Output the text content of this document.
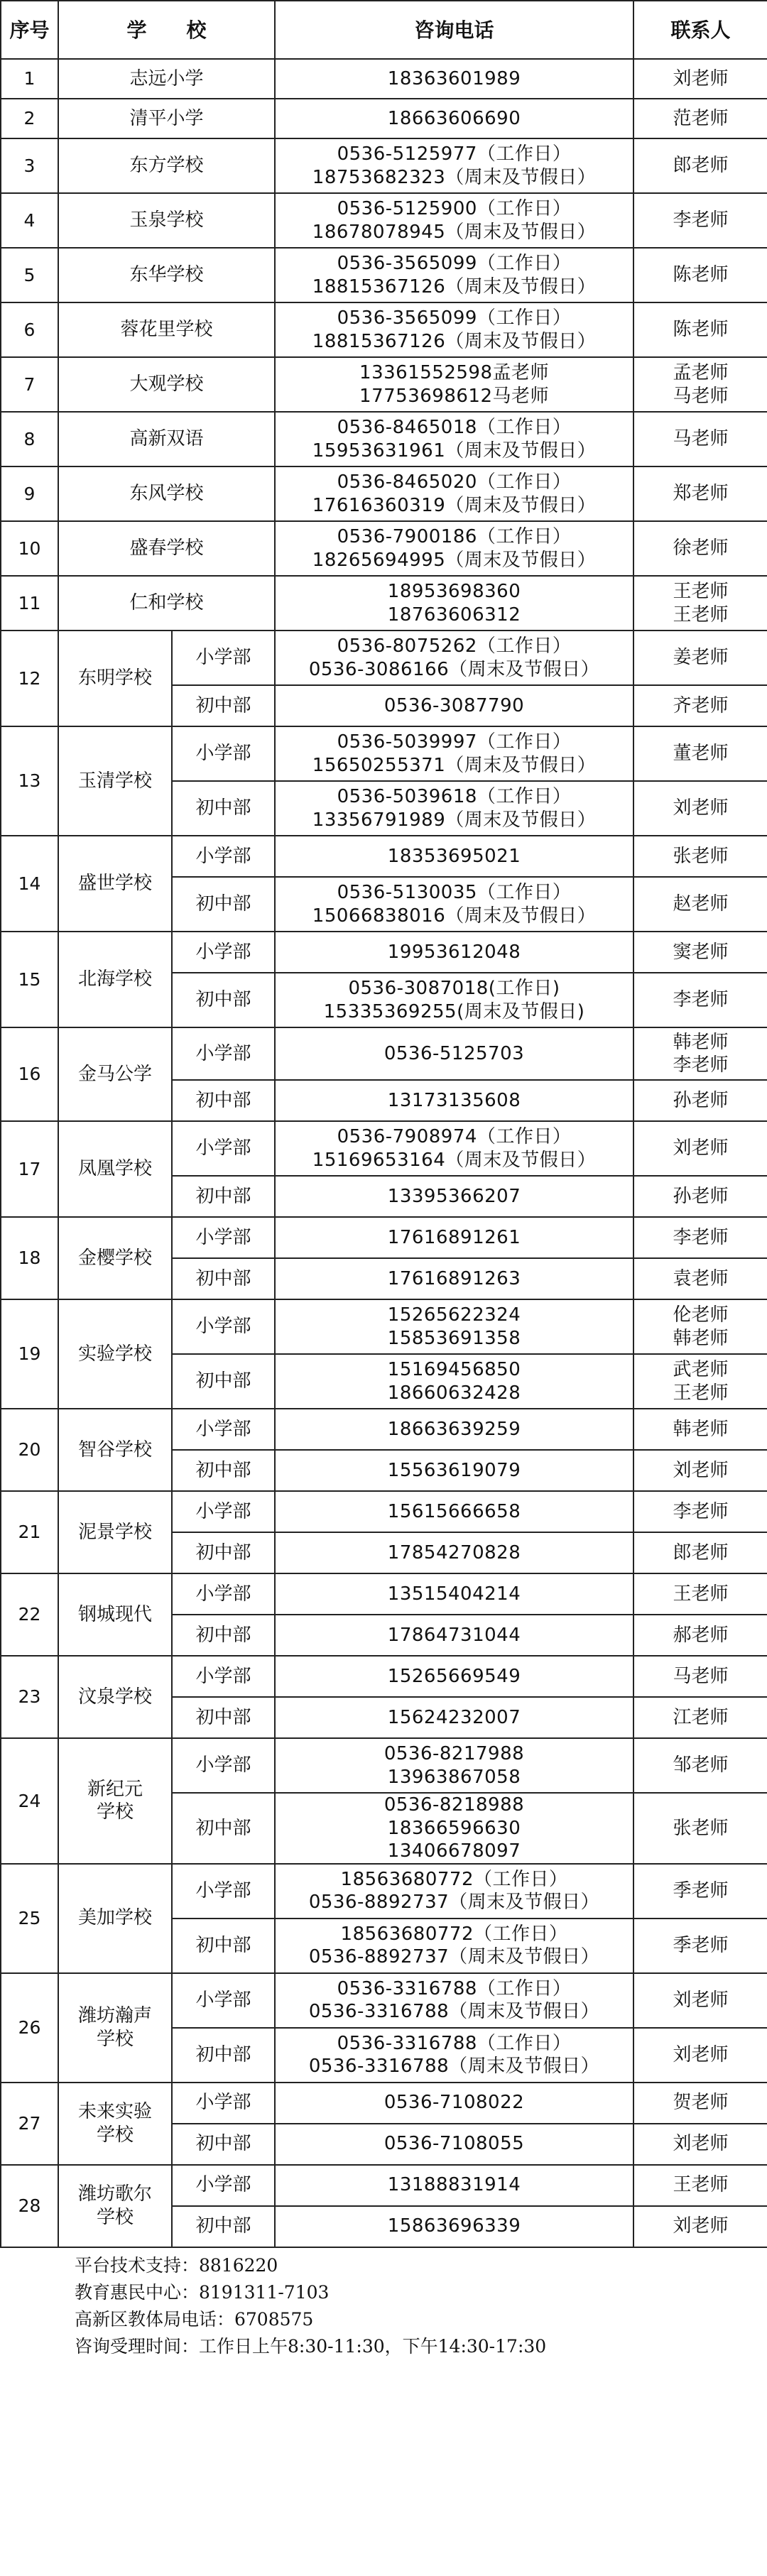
序号	学　　校		咨询电话	联系人
1	志远小学		18363601989	刘老师

2	清平小学		18663606690	范老师

3	东方学校		0536-5125977（工作日）
18753682323（周末及节假日）	郎老师

4	玉泉学校		0536-5125900（工作日）
18678078945（周末及节假日）	李老师

5	东华学校		0536-3565099（工作日）
18815367126（周末及节假日）	陈老师

6	蓉花里学校		0536-3565099（工作日）
18815367126（周末及节假日）	陈老师

7	大观学校		13361552598孟老师
17753698612马老师	孟老师
马老师

8	高新双语		0536-8465018（工作日）
15953631961（周末及节假日）	马老师

9	东风学校		0536-8465020（工作日）
17616360319（周末及节假日）	郑老师

10	盛春学校		0536-7900186（工作日）
18265694995（周末及节假日）	徐老师

11	仁和学校		18953698360
18763606312	王老师
王老师

12	东明学校	小学部	0536-8075262（工作日）
0536-3086166（周末及节假日）	姜老师

		初中部	0536-3087790	齐老师

13	玉清学校	小学部	0536-5039997（工作日）
15650255371（周末及节假日）	董老师

		初中部	0536-5039618（工作日）
13356791989（周末及节假日）	刘老师

14	盛世学校	小学部	18353695021	张老师

		初中部	0536-5130035（工作日）
15066838016（周末及节假日）	赵老师

15	北海学校	小学部	19953612048	窦老师

		初中部	0536-3087018(工作日)
15335369255(周末及节假日)	李老师

16	金马公学	小学部	0536-5125703	韩老师
李老师

		初中部	13173135608	孙老师

17	凤凰学校	小学部	0536-7908974（工作日）
15169653164（周末及节假日）	刘老师

		初中部	13395366207	孙老师

18	金樱学校	小学部	17616891261	李老师

		初中部	17616891263	袁老师

19	实验学校	小学部	15265622324
15853691358	伦老师
韩老师

		初中部	15169456850
18660632428	武老师
王老师

20	智谷学校	小学部	18663639259	韩老师

		初中部	15563619079	刘老师

21	泥景学校	小学部	15615666658	李老师

		初中部	17854270828	郎老师

22	钢城现代	小学部	13515404214	王老师

		初中部	17864731044	郝老师

23	汶泉学校	小学部	15265669549	马老师

		初中部	15624232007	江老师

24	新纪元
学校	小学部	0536-8217988
13963867058	邹老师

		初中部	0536-8218988
18366596630
13406678097	张老师

25	美加学校	小学部	18563680772（工作日）
0536-8892737（周末及节假日）	季老师

		初中部	18563680772（工作日）
0536-8892737（周末及节假日）	季老师

26	潍坊瀚声
学校	小学部	0536-3316788（工作日）
0536-3316788（周末及节假日）	刘老师

		初中部	0536-3316788（工作日）
0536-3316788（周末及节假日）	刘老师

27	未来实验
学校	小学部	0536-7108022	贺老师

		初中部	0536-7108055	刘老师

28	潍坊歌尔
学校	小学部	13188831914	王老师

		初中部	15863696339	刘老师
平台技术支持：8816220
教育惠民中心：8191311-7103
高新区教体局电话：6708575
咨询受理时间：工作日上午8:30-11:30，下午14:30-17:30
